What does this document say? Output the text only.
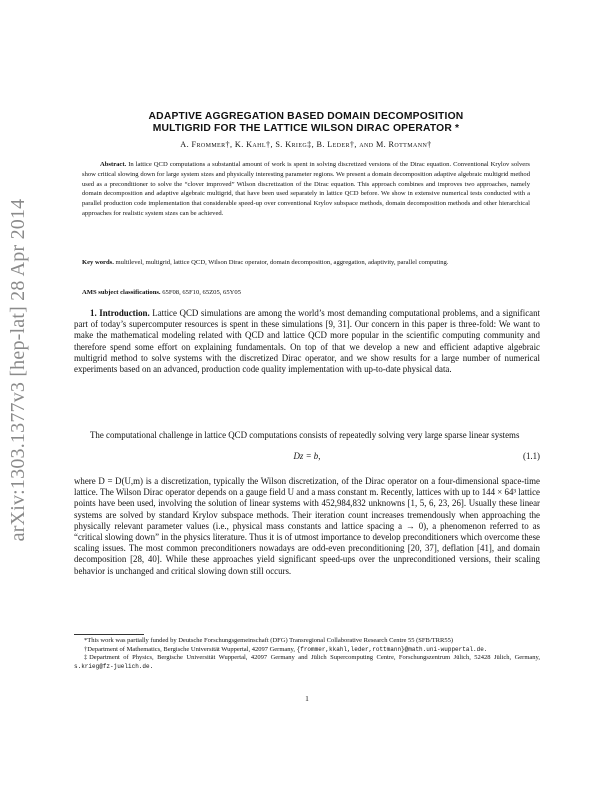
arXiv:1303.1377v3 [hep-lat] 28 Apr 2014
ADAPTIVE AGGREGATION BASED DOMAIN DECOMPOSITION
MULTIGRID FOR THE LATTICE WILSON DIRAC OPERATOR *
A. Frommer†, K. Kahl†, S. Krieg‡, B. Leder†, and M. Rottmann†
Abstract. In lattice QCD computations a substantial amount of work is spent in solving discretized versions of the Dirac equation. Conventional Krylov solvers show critical slowing down for large system sizes and physically interesting parameter regions. We present a domain decomposition adaptive algebraic multigrid method used as a preconditioner to solve the “clover improved” Wilson discretization of the Dirac equation. This approach combines and improves two approaches, namely domain decomposition and adaptive algebraic multigrid, that have been used separately in lattice QCD before. We show in extensive numerical tests conducted with a parallel production code implementation that considerable speed-up over conventional Krylov subspace methods, domain decomposition methods and other hierarchical approaches for realistic system sizes can be achieved.
Key words. multilevel, multigrid, lattice QCD, Wilson Dirac operator, domain decomposition, aggregation, adaptivity, parallel computing.
AMS subject classifications. 65F08, 65F10, 65Z05, 65Y05
1. Introduction. Lattice QCD simulations are among the world’s most demanding computational problems, and a significant part of today’s supercomputer resources is spent in these simulations [9, 31]. Our concern in this paper is three-fold: We want to make the mathematical modeling related with QCD and lattice QCD more popular in the scientific computing community and therefore spend some effort on explaining fundamentals. On top of that we develop a new and efficient adaptive algebraic multigrid method to solve systems with the discretized Dirac operator, and we show results for a large number of numerical experiments based on an advanced, production code quality implementation with up-to-date physical data.
The computational challenge in lattice QCD computations consists of repeatedly solving very large sparse linear systems
Dz = b,	(1.1)
where D = D(U,m) is a discretization, typically the Wilson discretization, of the Dirac operator on a four-dimensional space-time lattice. The Wilson Dirac operator depends on a gauge field U and a mass constant m. Recently, lattices with up to 144 × 64³ lattice points have been used, involving the solution of linear systems with 452,984,832 unknowns [1, 5, 6, 23, 26]. Usually these linear systems are solved by standard Krylov subspace methods. Their iteration count increases tremendously when approaching the physically relevant parameter values (i.e., physical mass constants and lattice spacing a → 0), a phenomenon referred to as “critical slowing down” in the physics literature. Thus it is of utmost importance to develop preconditioners which overcome these scaling issues. The most common preconditioners nowadays are odd-even preconditioning [20, 37], deflation [41], and domain decomposition [28, 40]. While these approaches yield significant speed-ups over the unpreconditioned versions, their scaling behavior is unchanged and critical slowing down still occurs.

*This work was partially funded by Deutsche Forschungsgemeinschaft (DFG) Transregional Collaborative Research Centre 55 (SFB/TRR55)

†Department of Mathematics, Bergische Universität Wuppertal, 42097 Germany, {frommer,kkahl,leder,rottmann}@math.uni-wuppertal.de.

‡Department of Physics, Bergische Universität Wuppertal, 42097 Germany and Jülich Supercomputing Centre, Forschungszentrum Jülich, 52428 Jülich, Germany, s.krieg@fz-juelich.de.

1
